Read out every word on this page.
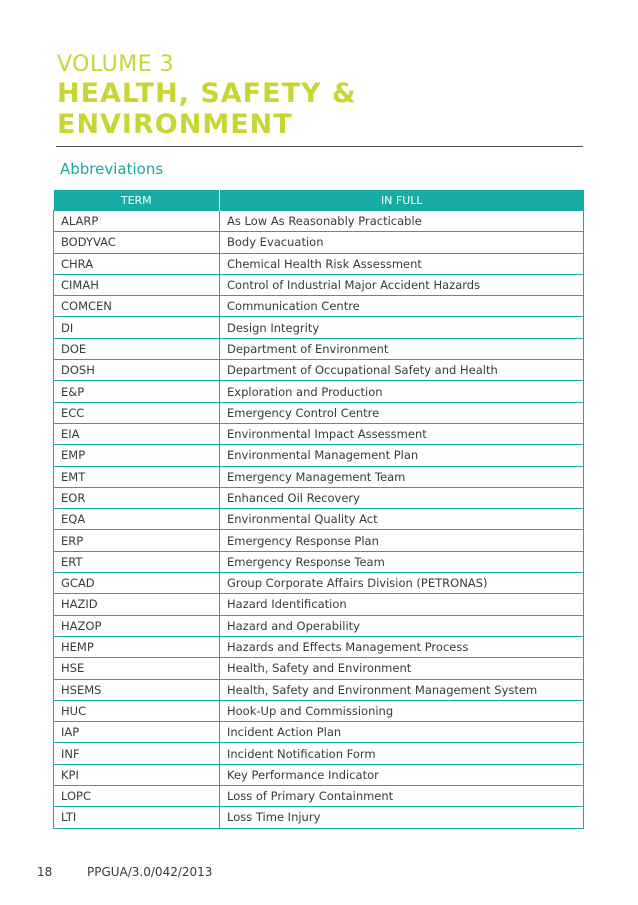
VOLUME 3
HEALTH, SAFETY &
ENVIRONMENT
Abbreviations
TERM	IN FULL
ALARP	As Low As Reasonably Practicable
BODYVAC	Body Evacuation
CHRA	Chemical Health Risk Assessment
CIMAH	Control of Industrial Major Accident Hazards
COMCEN	Communication Centre
DI	Design Integrity
DOE	Department of Environment
DOSH	Department of Occupational Safety and Health
E&P	Exploration and Production
ECC	Emergency Control Centre
EIA	Environmental Impact Assessment
EMP	Environmental Management Plan
EMT	Emergency Management Team
EOR	Enhanced Oil Recovery
EQA	Environmental Quality Act
ERP	Emergency Response Plan
ERT	Emergency Response Team
GCAD	Group Corporate Affairs Division (PETRONAS)
HAZID	Hazard Identification
HAZOP	Hazard and Operability
HEMP	Hazards and Effects Management Process
HSE	Health, Safety and Environment
HSEMS	Health, Safety and Environment Management System
HUC	Hook-Up and Commissioning
IAP	Incident Action Plan
INF	Incident Notification Form
KPI	Key Performance Indicator
LOPC	Loss of Primary Containment
LTI	Loss Time Injury
18	PPGUA/3.0/042/2013
